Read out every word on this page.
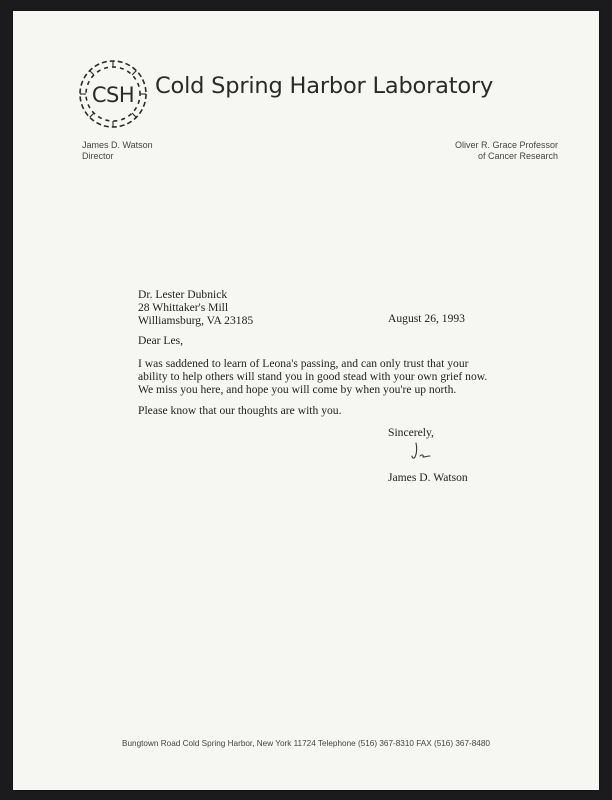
CSH Cold Spring Harbor Laboratory
James D. Watson
Director
Oliver R. Grace Professor
of Cancer Research
Dr. Lester Dubnick
28 Whittaker's Mill
Williamsburg, VA 23185	August 26, 1993
Dear Les,
I was saddened to learn of Leona's passing, and can only trust that your
ability to help others will stand you in good stead with your own grief now.
We miss you here, and hope you will come by when you're up north.
Please know that our thoughts are with you.
Sincerely,
James D. Watson
Bungtown Road Cold Spring Harbor, New York 11724 Telephone (516) 367-8310 FAX (516) 367-8480
